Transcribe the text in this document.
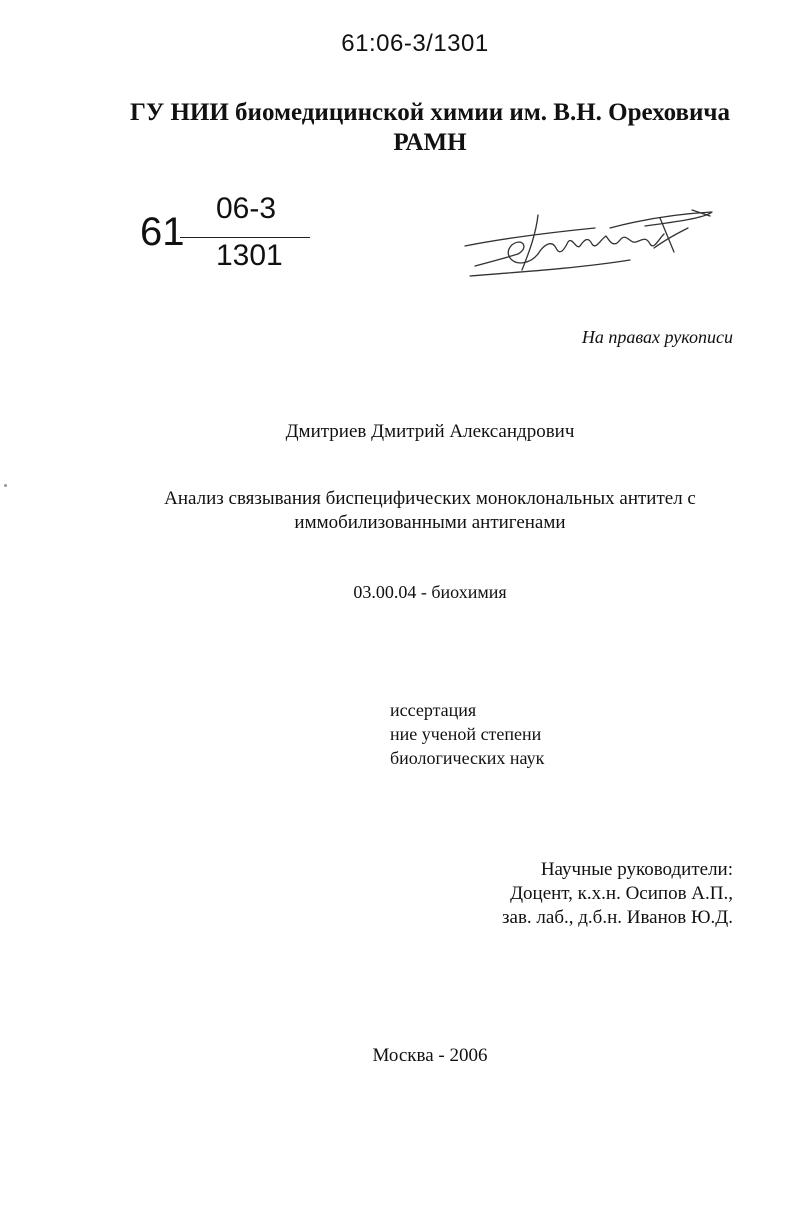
61:06-3/1301
ГУ НИИ биомедицинской химии им. В.Н. Ореховича
РАМН
61
06-3
1301
На правах рукописи
Дмитриев Дмитрий Александрович
Анализ связывания биспецифических моноклональных антител с
иммобилизованными антигенами
03.00.04 - биохимия
иссертация
ние ученой степени
биологических наук
Научные руководители:
Доцент, к.х.н. Осипов А.П.,
зав. лаб., д.б.н. Иванов Ю.Д.
Москва - 2006
